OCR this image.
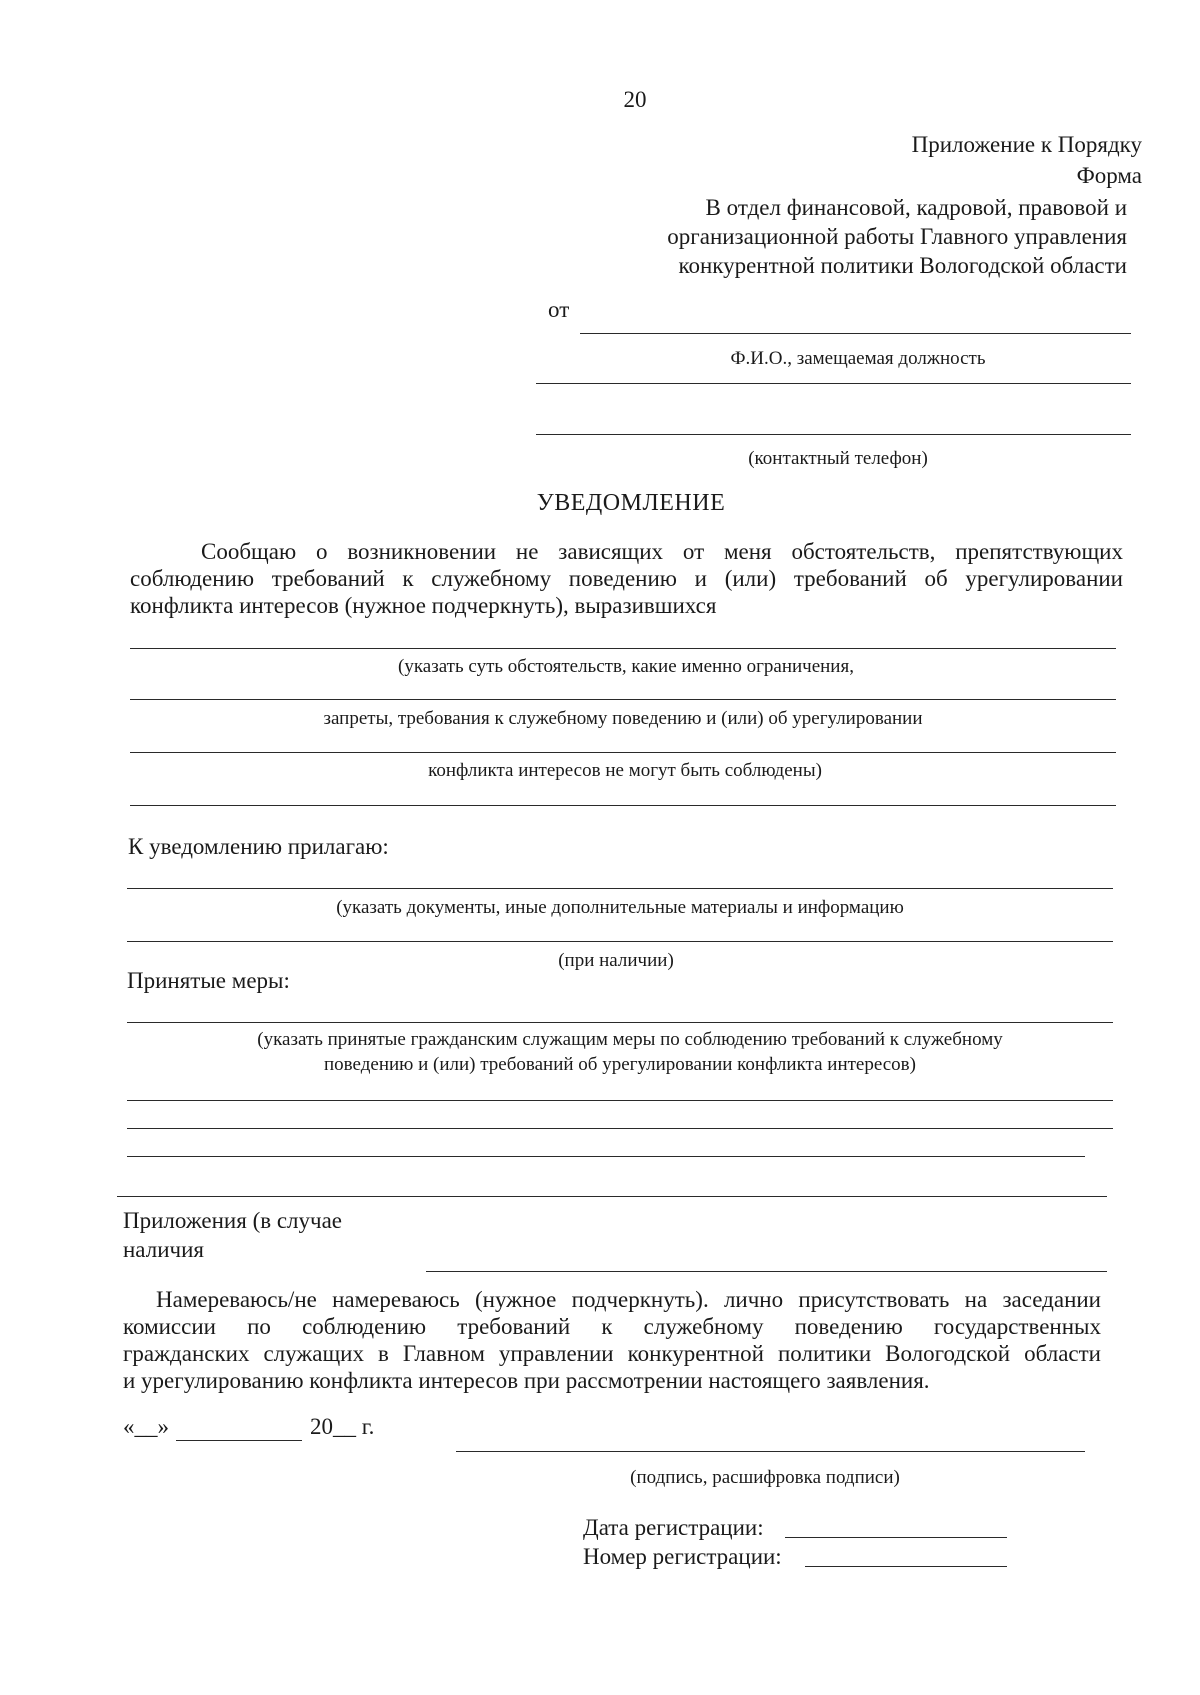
20
Приложение к Порядку
Форма
В отдел финансовой, кадровой, правовой и
организационной работы Главного управления
конкурентной политики Вологодской области
от
Ф.И.О., замещаемая должность
(контактный телефон)
УВЕДОМЛЕНИЕ
Сообщаю о возникновении не зависящих от меня обстоятельств, препятствующих
соблюдению требований к служебному поведению и (или) требований об урегулировании
конфликта интересов (нужное подчеркнуть), выразившихся
(указать суть обстоятельств, какие именно ограничения,
запреты, требования к служебному поведению и (или) об урегулировании
конфликта интересов не могут быть соблюдены)
К уведомлению прилагаю:
(указать документы, иные дополнительные материалы и информацию
(при наличии)
Принятые меры:
(указать принятые гражданским служащим меры по соблюдению требований к служебному
поведению и (или) требований об урегулировании конфликта интересов)
Приложения (в случае
наличия
Намереваюсь/не намереваюсь (нужное подчеркнуть). лично присутствовать на заседании
комиссии по соблюдению требований к служебному поведению государственных
гражданских служащих в Главном управлении конкурентной политики Вологодской области
и урегулированию конфликта интересов при рассмотрении настоящего заявления.
«__»	20__ г.
(подпись, расшифровка подписи)
Дата регистрации:
Номер регистрации:
